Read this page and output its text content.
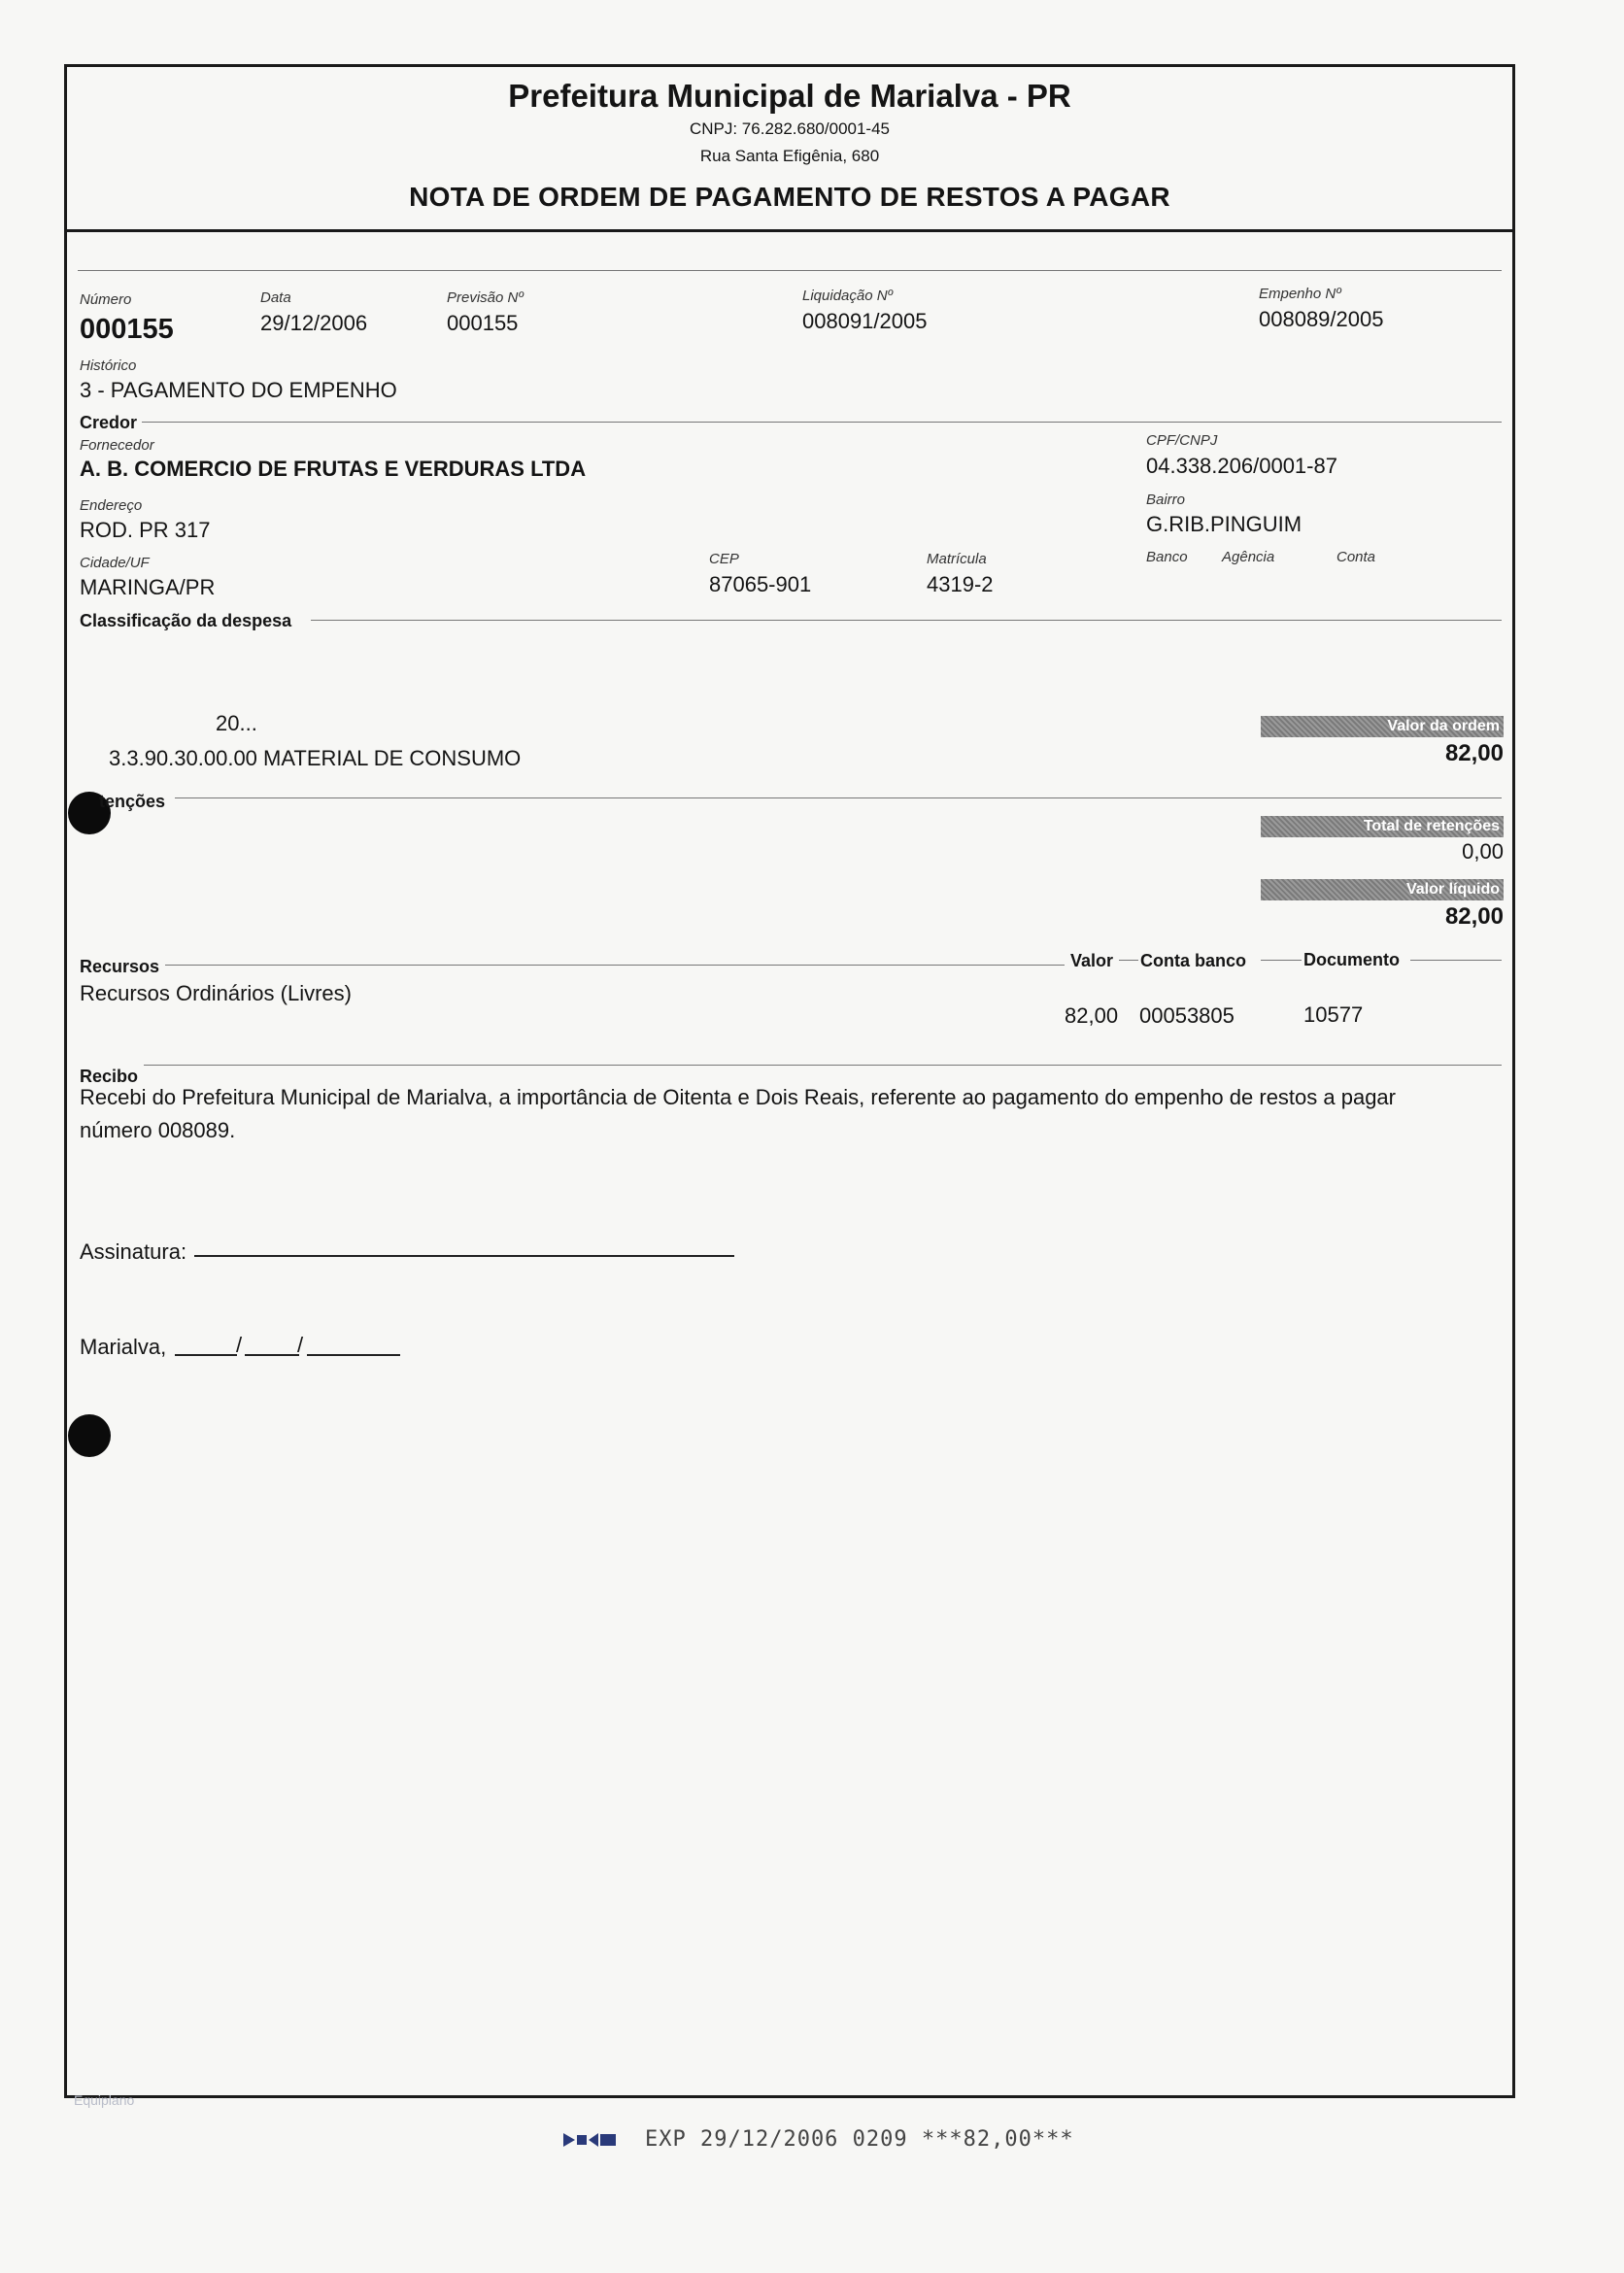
Prefeitura Municipal de Marialva - PR
CNPJ: 76.282.680/0001-45
Rua Santa Efigênia, 680
NOTA DE ORDEM DE PAGAMENTO DE RESTOS A PAGAR
Número
000155
Data
29/12/2006
Previsão Nº
000155
Liquidação Nº
008091/2005
Empenho Nº
008089/2005
Histórico
3 - PAGAMENTO DO EMPENHO
Credor
Fornecedor
A. B. COMERCIO DE FRUTAS E VERDURAS LTDA
CPF/CNPJ
04.338.206/0001-87
Endereço
ROD. PR 317
Bairro
G.RIB.PINGUIM
Cidade/UF
MARINGA/PR
CEP
87065-901
Matrícula
4319-2
Banco Agência	Conta
Classificação da despesa
20...
3.3.90.30.00.00 MATERIAL DE CONSUMO
Valor da ordem
82,00
tenções
Total de retenções
0,00
Valor líquido
82,00
Recursos	Valor Conta banco	Documento
Recursos Ordinários (Livres)
82,00 00053805	10577
Recibo
Recebi do Prefeitura Municipal de Marialva, a importância de Oitenta e Dois Reais, referente ao pagamento do empenho de restos a pagar
número 008089.
Assinatura:
Marialva,	/	/
Equiplano
EXP 29/12/2006 0209 ***82,00***
